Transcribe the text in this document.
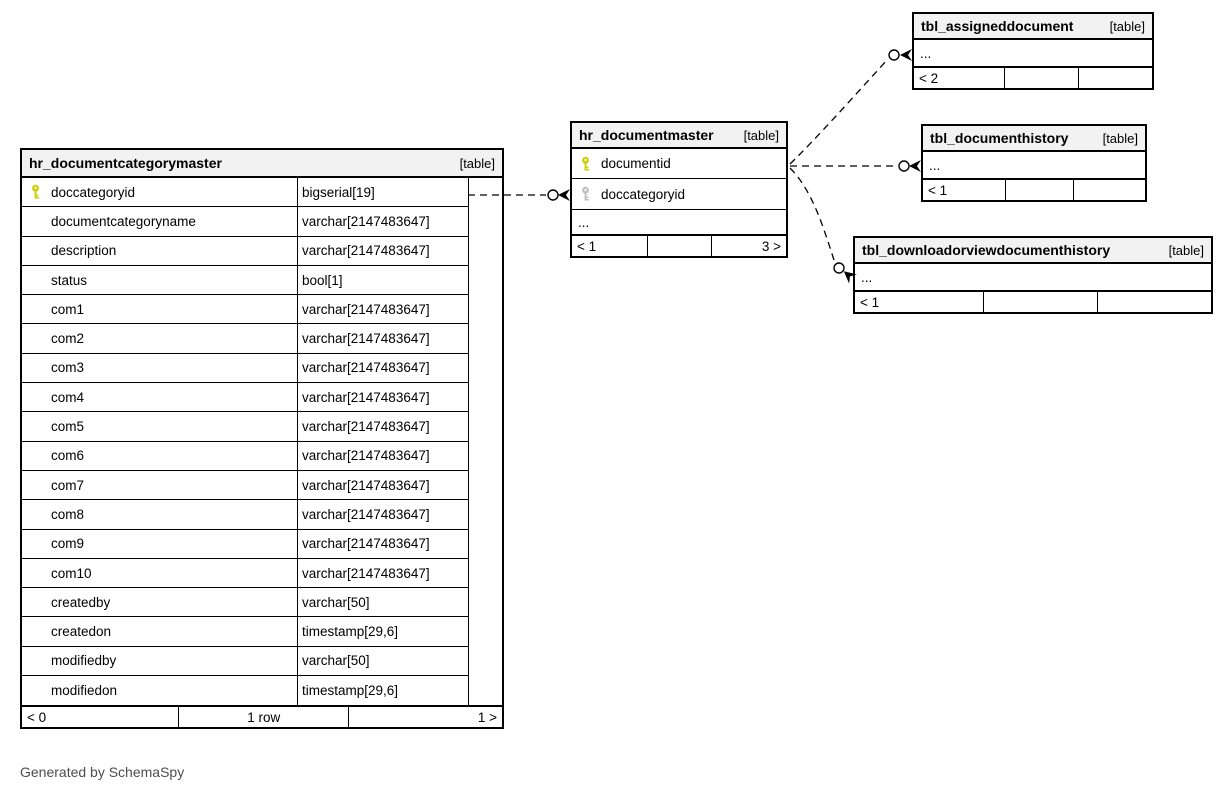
hr_documentcategorymaster	[table]
doccategoryid	bigserial[19]
documentcategoryname	varchar[2147483647]
description	varchar[2147483647]
status	bool[1]
com1	varchar[2147483647]
com2	varchar[2147483647]
com3	varchar[2147483647]
com4	varchar[2147483647]
com5	varchar[2147483647]
com6	varchar[2147483647]
com7	varchar[2147483647]
com8	varchar[2147483647]
com9	varchar[2147483647]
com10	varchar[2147483647]
createdby	varchar[50]
createdon	timestamp[29,6]
modifiedby	varchar[50]
modifiedon	timestamp[29,6]
< 0	1 row	1 >
hr_documentmaster [table]
documentid
doccategoryid
...
< 1	3 >
tbl_assigneddocument	[table]
...
< 2
tbl_documenthistory	[table]
...
< 1
tbl_downloadorviewdocumenthistory	[table]
...
< 1
Generated by SchemaSpy
